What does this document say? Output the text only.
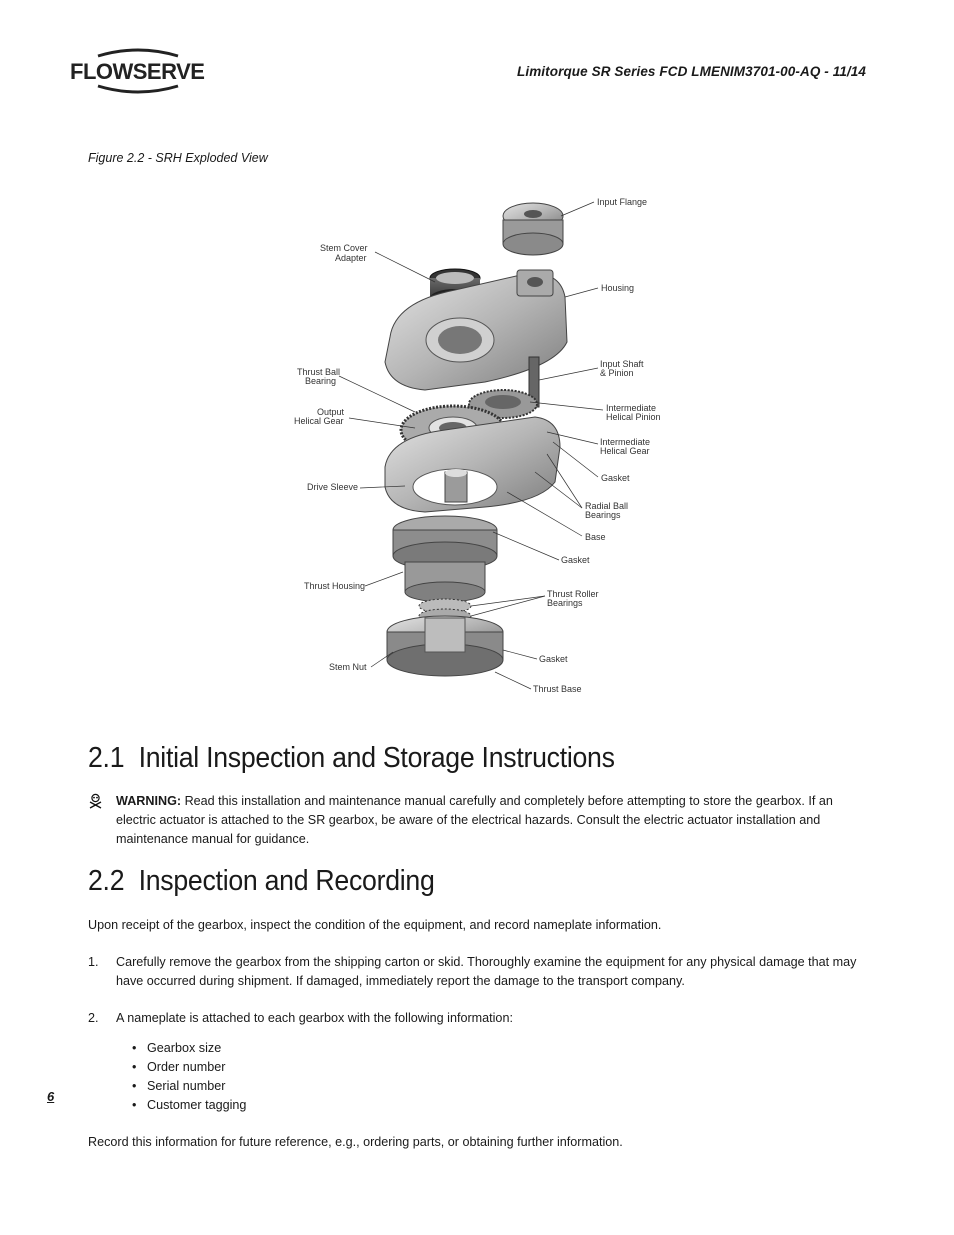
FLOWSERVE	Limitorque SR Series FCD LMENIM3701-00-AQ - 11/14
Figure 2.2 - SRH Exploded View
Input Flange
Stem Cover
Adapter
Housing
Input Shaft
& Pinion
Thrust Ball
Bearing
Intermediate
Helical Pinion
Output
Helical Gear
Intermediate
Helical Gear
Gasket
Drive Sleeve
Radial Ball
Bearings
Base
Gasket
Thrust Housing
Thrust Roller
Bearings
Stem Nut
Gasket
Thrust Base
2.1 Initial Inspection and Storage Instructions
WARNING: Read this installation and maintenance manual carefully and completely before attempting to store the gearbox. If an electric actuator is attached to the SR gearbox, be aware of the electrical hazards. Consult the electric actuator installation and maintenance manual for guidance.
2.2 Inspection and Recording

Upon receipt of the gearbox, inspect the condition of the equipment, and record nameplate information.

1.	Carefully remove the gearbox from the shipping carton or skid. Thoroughly examine the equipment for any physical damage that may have occurred during shipment. If damaged, immediately report the damage to the transport company.
2.	A nameplate is attached to each gearbox with the following information:
• Gearbox size
• Order number
• Serial number
• Customer tagging
6

Record this information for future reference, e.g., ordering parts, or obtaining further information.
